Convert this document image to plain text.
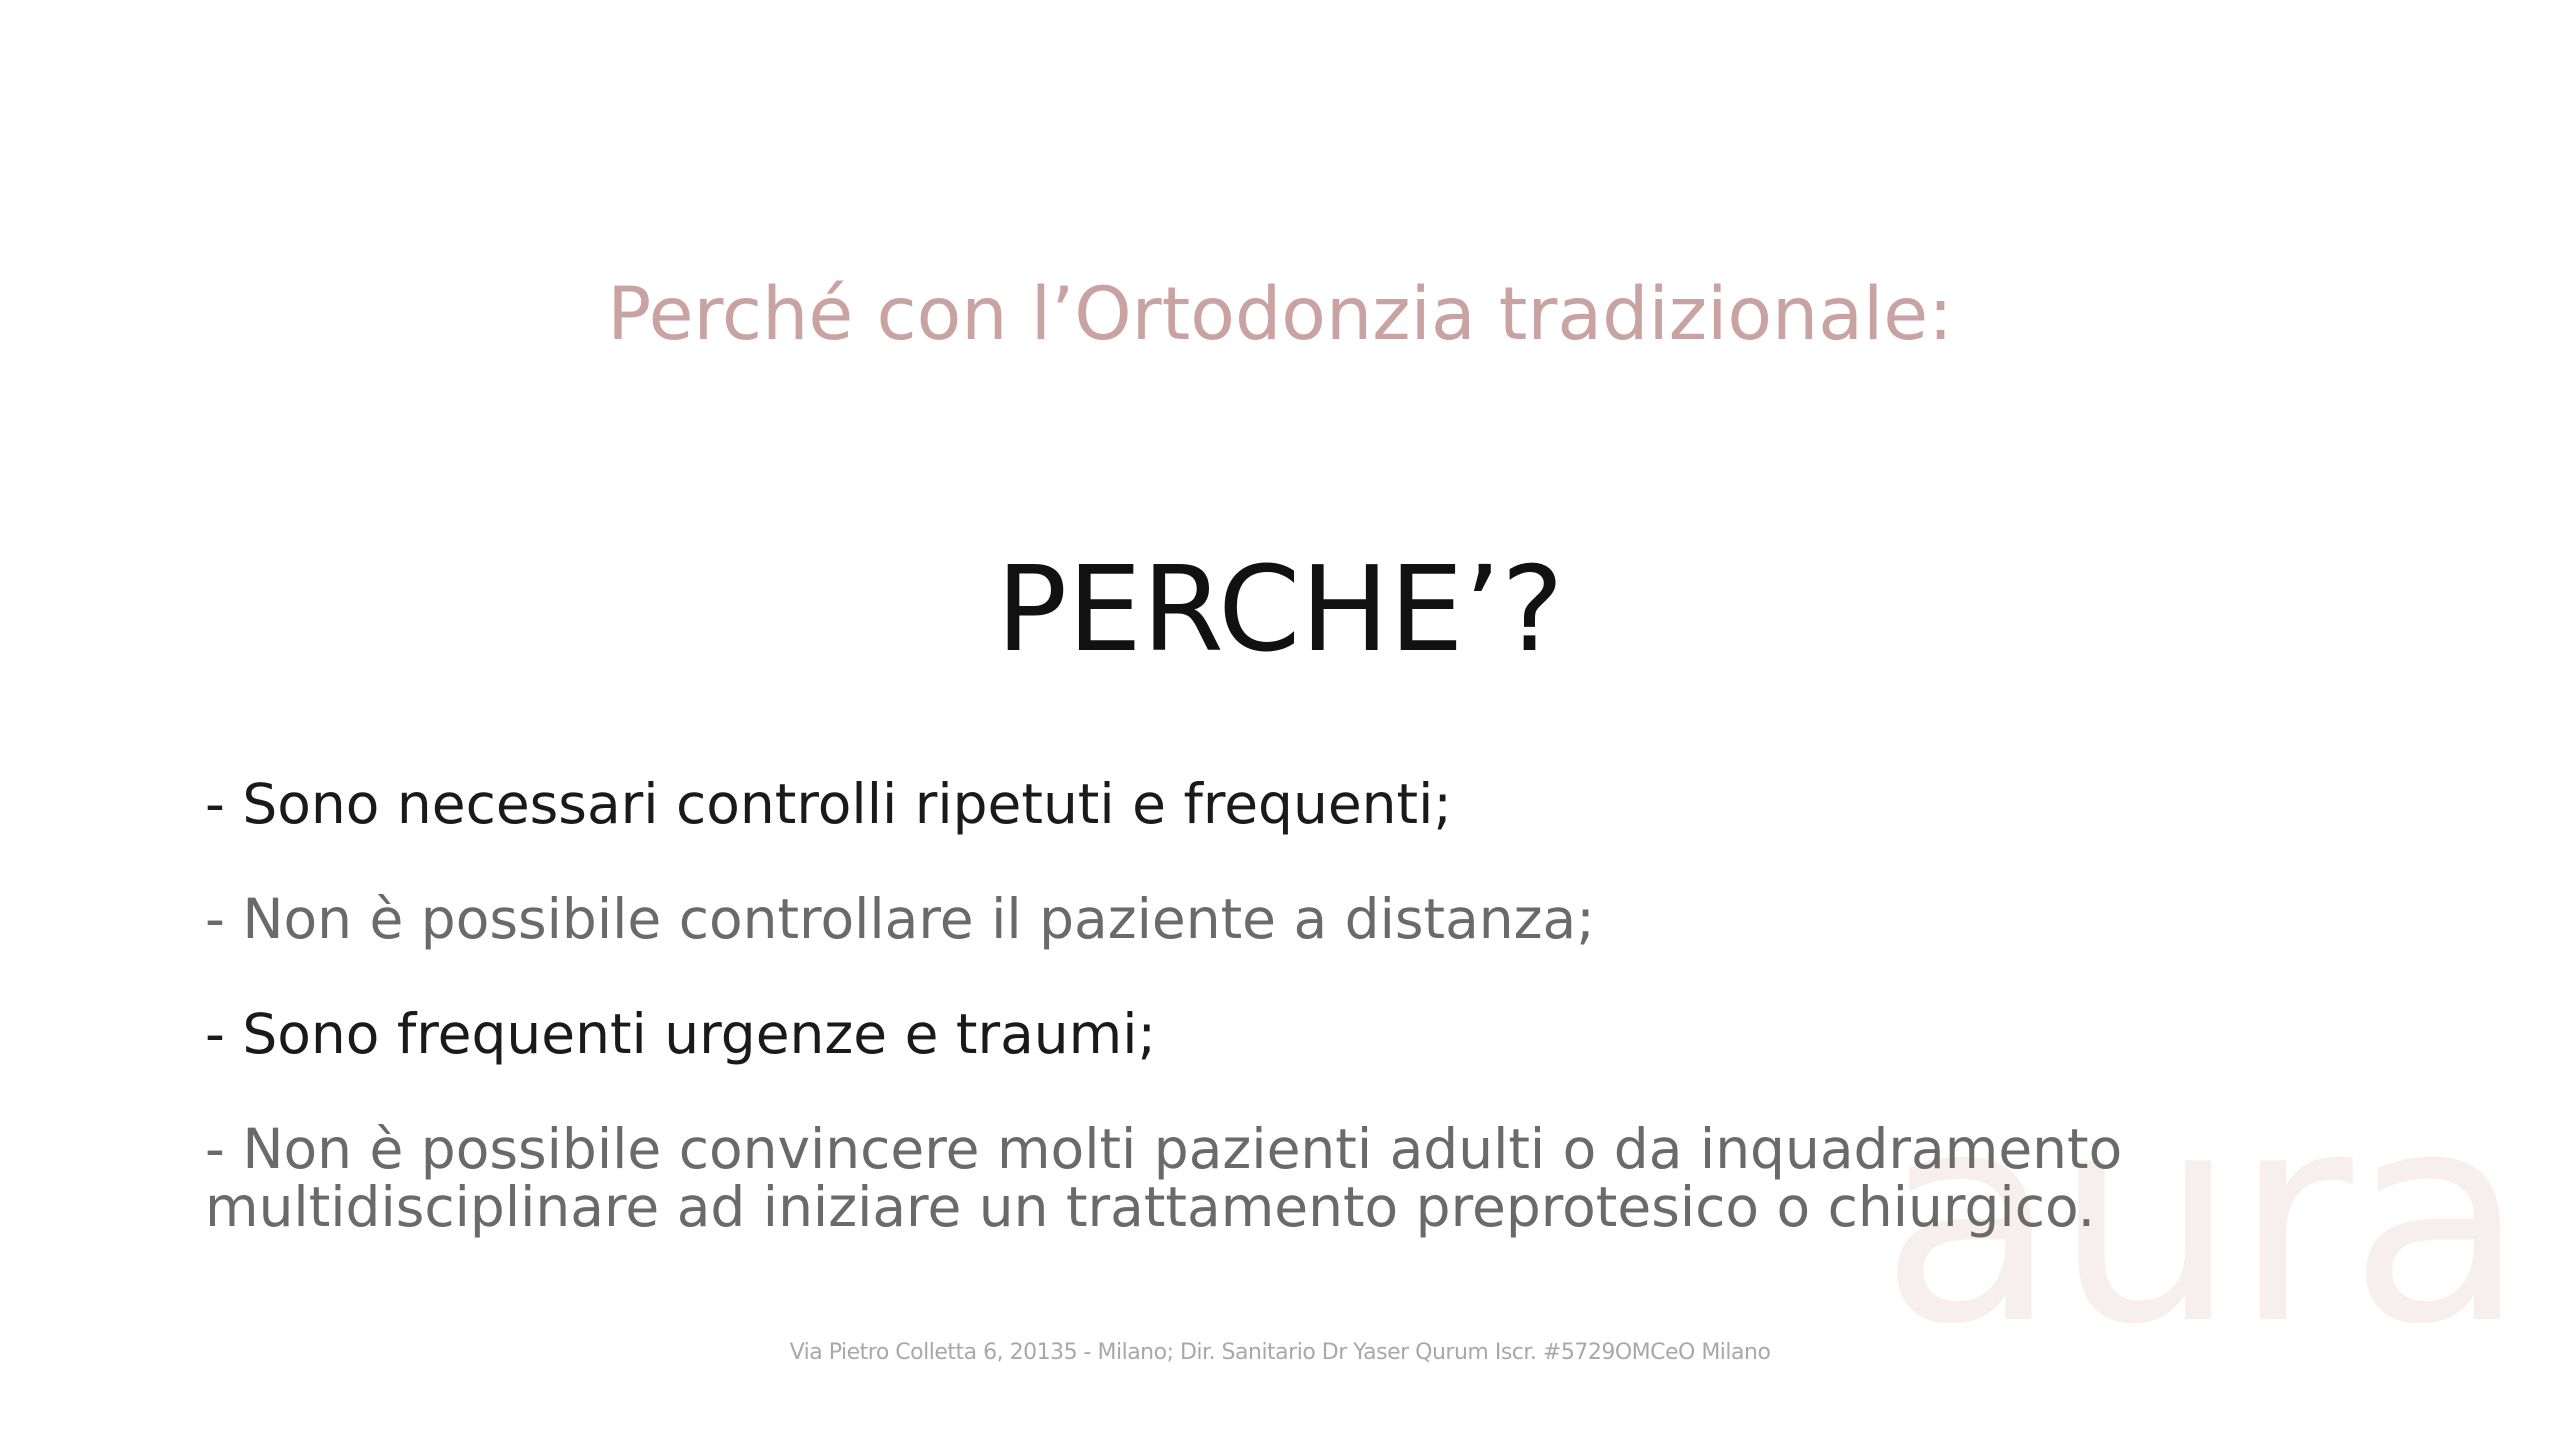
aura
Perché con l’Ortodonzia tradizionale:
PERCHE’?
- Sono necessari controlli ripetuti e frequenti;
- Non è possibile controllare il paziente a distanza;
- Sono frequenti urgenze e traumi;
- Non è possibile convincere molti pazienti adulti o da inquadramento
multidisciplinare ad iniziare un trattamento preprotesico o chiurgico.
Via Pietro Colletta 6, 20135 - Milano; Dir. Sanitario Dr Yaser Qurum Iscr. #5729OMCeO Milano
